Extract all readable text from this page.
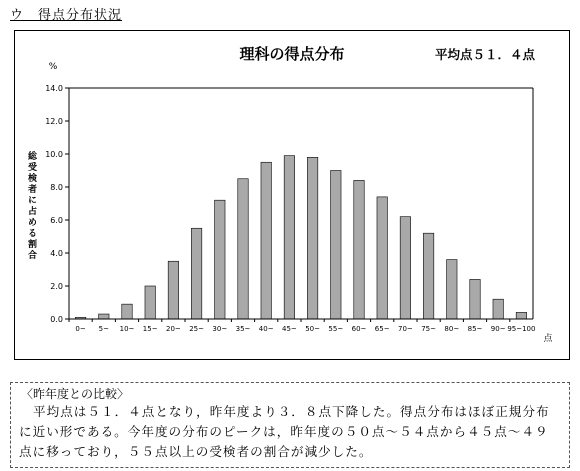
ウ　得点分布状況
理科の得点分布	平均点５１．４点
%
点
総受検者に占める割合
0.0
2.0
4.0
6.0
8.0
10.0
12.0
14.0
0~ 5~ 10~ 15~ 20~ 25~ 30~ 35~ 40~ 45~ 50~ 55~ 60~ 65~ 70~ 75~ 80~ 85~ 90~ 95~100
〈昨年度との比較〉

平均点は５１．４点となり，昨年度より３．８点下降した。得点分布はほぼ正規分布に近い形である。今年度の分布のピークは，昨年度の５０点～５４点から４５点～４９点に移っており，５５点以上の受検者の割合が減少した。
